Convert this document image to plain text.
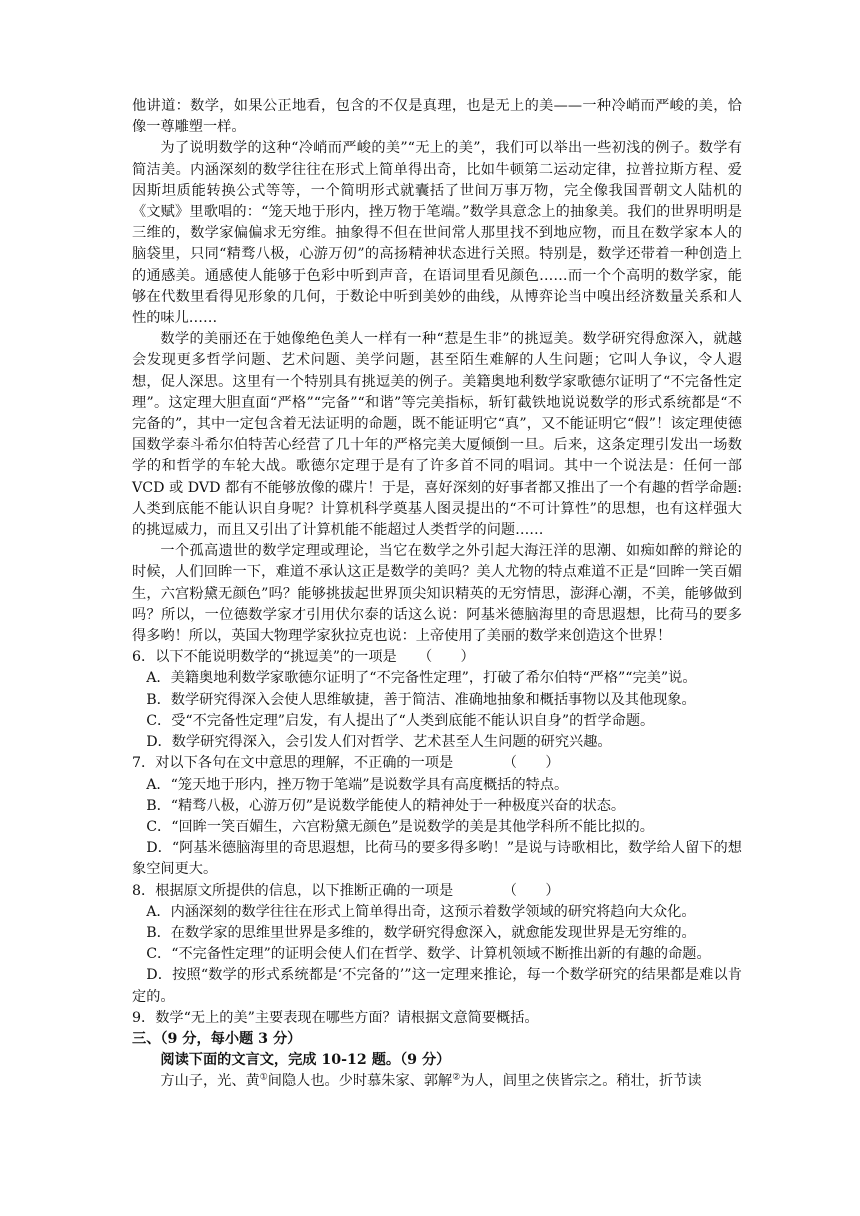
他讲道：数学，如果公正地看，包含的不仅是真理，也是无上的美——一种冷峭而严峻的美，恰像一尊雕塑一样。

为了说明数学的这种“冷峭而严峻的美”“无上的美”，我们可以举出一些初浅的例子。数学有简洁美。内涵深刻的数学往往在形式上简单得出奇，比如牛顿第二运动定律，拉普拉斯方程、爱因斯坦质能转换公式等等，一个简明形式就囊括了世间万事万物，完全像我国晋朝文人陆机的《文赋》里歌唱的：“笼天地于形内，挫万物于笔端。”数学具意念上的抽象美。我们的世界明明是三维的，数学家偏偏求无穷维。抽象得不但在世间常人那里找不到地应物，而且在数学家本人的脑袋里，只同“精骛八极，心游万仞”的高扬精神状态进行关照。特别是，数学还带着一种创造上的通感美。通感使人能够于色彩中听到声音，在语词里看见颜色……而一个个高明的数学家，能够在代数里看得见形象的几何，于数论中听到美妙的曲线，从博弈论当中嗅出经济数量关系和人性的味儿……

数学的美丽还在于她像绝色美人一样有一种“惹是生非”的挑逗美。数学研究得愈深入，就越会发现更多哲学问题、艺术问题、美学问题，甚至陌生难解的人生问题；它叫人争议，令人遐想，促人深思。这里有一个特别具有挑逗美的例子。美籍奥地利数学家歌德尔证明了“不完备性定理”。这定理大胆直面“严格”“完备”“和谐”等完美指标，斩钉截铁地说说数学的形式系统都是“不完备的”，其中一定包含着无法证明的命题，既不能证明它“真”，又不能证明它“假”！该定理使德国数学泰斗希尔伯特苦心经营了几十年的严格完美大厦倾倒一旦。后来，这条定理引发出一场数学的和哲学的车轮大战。歌德尔定理于是有了许多首不同的唱词。其中一个说法是：任何一部 VCD 或 DVD 都有不能够放像的碟片！于是，喜好深刻的好事者都又推出了一个有趣的哲学命题:人类到底能不能认识自身呢？计算机科学奠基人图灵提出的“不可计算性”的思想，也有这样强大的挑逗威力，而且又引出了计算机能不能超过人类哲学的问题……

一个孤高遗世的数学定理或理论，当它在数学之外引起大海汪洋的思潮、如痴如醉的辩论的时候，人们回眸一下，难道不承认这正是数学的美吗？美人尤物的特点难道不正是“回眸一笑百媚生，六宫粉黛无颜色”吗？能够挑拔起世界顶尖知识精英的无穷情思，澎湃心潮，不美，能够做到吗？所以，一位德数学家才引用伏尔泰的话这么说：阿基米德脑海里的奇思遐想，比荷马的要多得多哟！所以，英国大物理学家狄拉克也说：上帝使用了美丽的数学来创造这个世界！

6．以下不能说明数学的“挑逗美”的一项是　　（　　）

A．美籍奥地利数学家歌德尔证明了“不完备性定理”，打破了希尔伯特“严格”“完美”说。

B．数学研究得深入会使人思维敏捷，善于简洁、准确地抽象和概括事物以及其他现象。

C．受“不完备性定理”启发，有人提出了“人类到底能不能认识自身”的哲学命题。

D．数学研究得深入，会引发人们对哲学、艺术甚至人生问题的研究兴趣。

7．对以下各句在文中意思的理解，不正确的一项是　　　　（　　）

A．“笼天地于形内，挫万物于笔端”是说数学具有高度概括的特点。

B．“精骛八极，心游万仞”是说数学能使人的精神处于一种极度兴奋的状态。

C．“回眸一笑百媚生，六宫粉黛无颜色”是说数学的美是其他学科所不能比拟的。

D．“阿基米德脑海里的奇思遐想，比荷马的要多得多哟！”是说与诗歌相比，数学给人留下的想象空间更大。

8．根据原文所提供的信息，以下推断正确的一项是　　　　（　　）

A．内涵深刻的数学往往在形式上简单得出奇，这预示着数学领域的研究将趋向大众化。

B．在数学家的思维里世界是多维的，数学研究得愈深入，就愈能发现世界是无穷维的。

C．“不完备性定理”的证明会使人们在哲学、数学、计算机领域不断推出新的有趣的命题。

D．按照“数学的形式系统都是‘不完备的’”这一定理来推论，每一个数学研究的结果都是难以肯定的。

9．数学“无上的美”主要表现在哪些方面？请根据文意简要概括。

三、（9 分，每小题 3 分）

阅读下面的文言文，完成 10-12 题。（9 分）

方山子，光、黄①间隐人也。少时慕朱家、郭解②为人，闾里之侠皆宗之。稍壮，折节读
